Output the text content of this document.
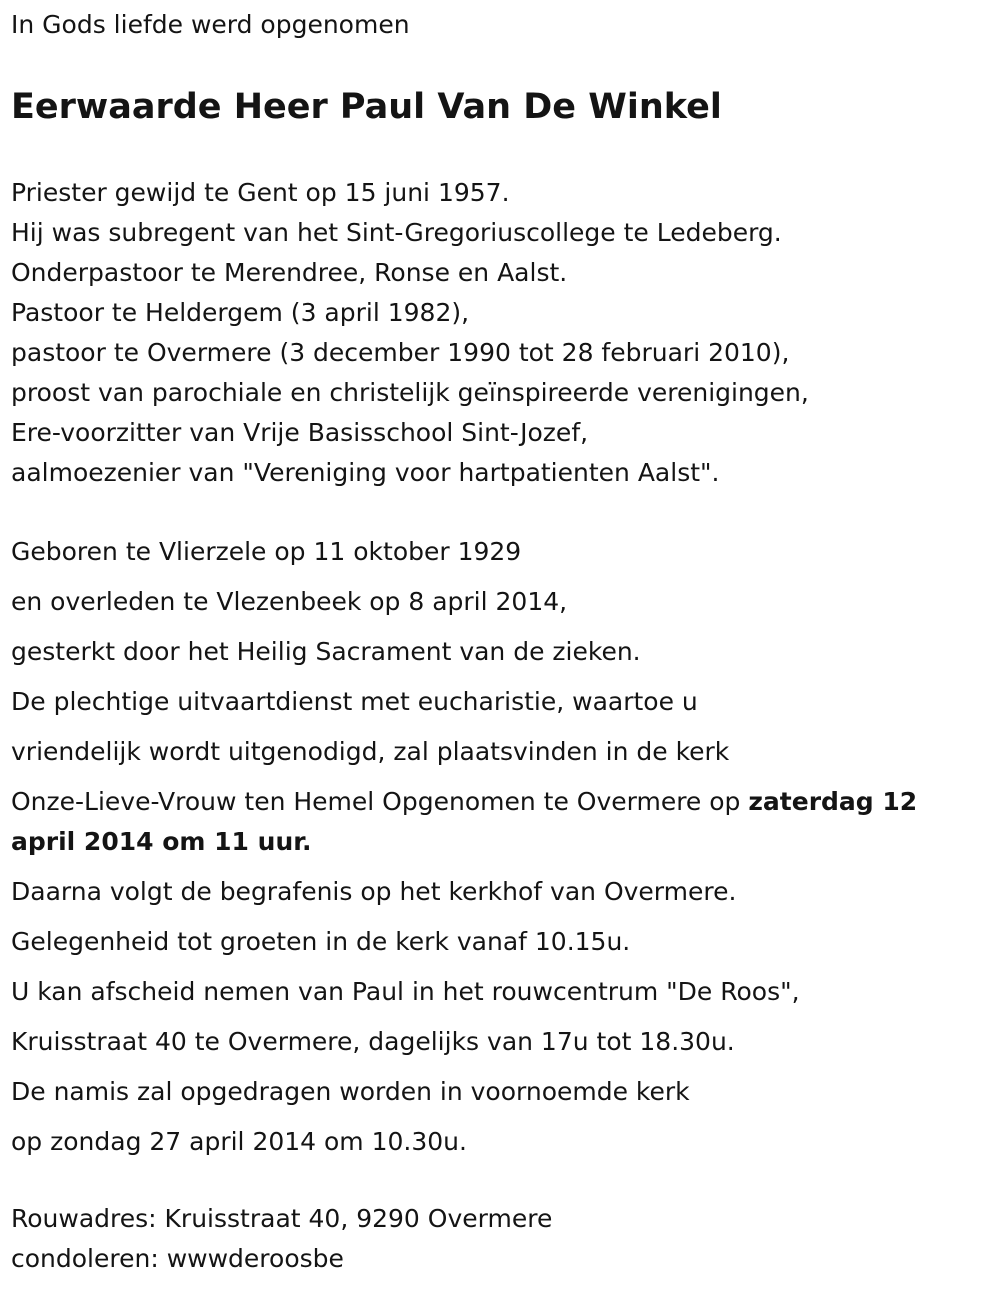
In Gods liefde werd opgenomen
Eerwaarde Heer Paul Van De Winkel
Priester gewijd te Gent op 15 juni 1957.
Hij was subregent van het Sint-Gregoriuscollege te Ledeberg.
Onderpastoor te Merendree, Ronse en Aalst.
Pastoor te Heldergem (3 april 1982),
pastoor te Overmere (3 december 1990 tot 28 februari 2010),
proost van parochiale en christelijk geïnspireerde verenigingen,
Ere-voorzitter van Vrije Basisschool Sint-Jozef,
aalmoezenier van "Vereniging voor hartpatienten Aalst".

Geboren te Vlierzele op 11 oktober 1929

en overleden te Vlezenbeek op 8 april 2014,

gesterkt door het Heilig Sacrament van de zieken.

De plechtige uitvaartdienst met eucharistie, waartoe u

vriendelijk wordt uitgenodigd, zal plaatsvinden in de kerk

Onze-Lieve-Vrouw ten Hemel Opgenomen te Overmere op zaterdag 12 april 2014 om 11 uur.

Daarna volgt de begrafenis op het kerkhof van Overmere.

Gelegenheid tot groeten in de kerk vanaf 10.15u.

U kan afscheid nemen van Paul in het rouwcentrum "De Roos",

Kruisstraat 40 te Overmere, dagelijks van 17u tot 18.30u.

De namis zal opgedragen worden in voornoemde kerk

op zondag 27 april 2014 om 10.30u.

Rouwadres: Kruisstraat 40, 9290 Overmere
condoleren: wwwderoosbe
